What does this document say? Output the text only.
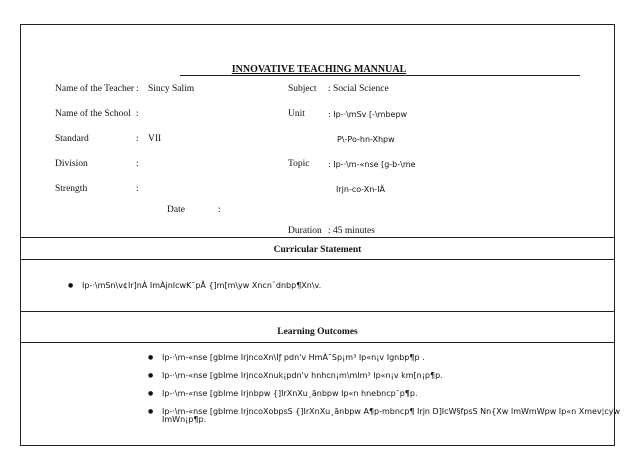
INNOVATIVE TEACHING MANNUAL
Name of the Teacher : Sincy Salim
Name of the School :
Standard	: VII
Division	:
Strength	:
Date	:
Subject : Social Science
Unit	: Ip-·\mSv [-\mbepw
P\-Po-hn-Xhpw
Topic : Ip-·\m-«nse [g-b-\me
Irjn-co-Xn-IÄ
Duration : 45 minutes
Curricular Statement
● Ip-·\mSn\v¢Ir]nÀ ImÀjnIcwK¯pÅ {]m[m\yw Xncn¨dnbp¶Xn\v.
Learning Outcomes
● Ip-·\m-«nse [gbIme IrjncoXn\Iƒ pdn'v HmÀ¯Sp¡m³ Ip«n¡v Ignbp¶p .
● Ip-·\m-«nse [gbIme IrjncoXnuk¡pdn'v hnhcn¡m\mIm³ Ip«n¡v km[n¡p¶p.
● Ip-·\m-«nse [gbIme Irjnbpw {]IrXnXu¸ãnbpw Ip«n hnebncp¯p¶p.
● Ip-·\m-«nse [gbIme IrjncoXobpsS {]IrXnXu¸ãnbpw A¶p-mbncp¶ Irjn D]IcW§fpsS Nn{Xw ImWmWpw Ip«n Xmev¦cyw ImWn¡p¶p.
